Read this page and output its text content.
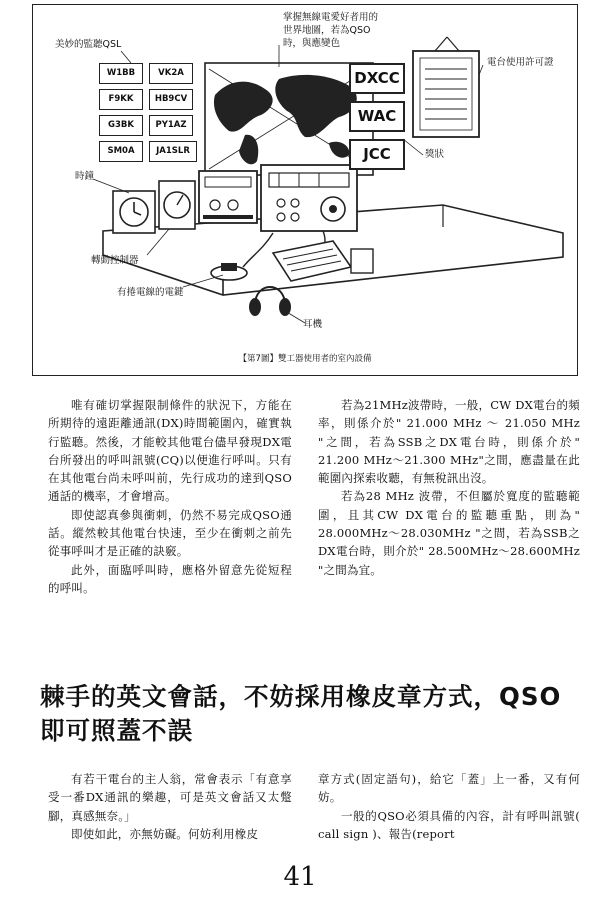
美妙的監聽QSL
掌握無線電愛好者用的
世界地圖，若為QSO
時，與應變色
電台使用許可證
時鐘
轉動控制器
有捲電線的電鍵
獎狀
耳機
W1BB	VK2A
F9KK	HB9CV
G3BK	PY1AZ
SM0A	JA1SLR
DXCC
WAC
JCC
【第7圖】雙工器使用者的室內設備

唯有確切掌握限制條件的狀況下，方能在所期待的遠距離通訊(DX)時間範圍內，確實執行監聽。然後，才能較其他電台儘早發現DX電台所發出的呼叫訊號(CQ)以便進行呼叫。只有在其他電台尚未呼叫前，先行成功的達到QSO通話的機率，才會增高。

即使認真參與衝刺，仍然不易完成QSO通話。縱然較其他電台快速，至少在衝刺之前先從事呼叫才是正確的訣竅。

此外，面臨呼叫時，應格外留意先從短程的呼叫。

若為21MHz波帶時，一般，CW DX電台的頻率，則係介於" 21.000 MHz ～ 21.050 MHz "之間，若為SSB之DX電台時，則係介於" 21.200 MHz～21.300 MHz"之間，應盡量在此範圍內探索收聽，有無稅訊出沒。

若為28 MHz 波帶，不但屬於寬度的監聽範圍，且其CW DX電台的監聽重點，則為" 28.000MHz～28.030MHz "之間，若為SSB之DX電台時，則介於" 28.500MHz～28.600MHz "之間為宜。

棘手的英文會話，不妨採用橡皮章方式，QSO即可照蓋不誤

有若干電台的主人翁，常會表示「有意享受一番DX通訊的樂趣，可是英文會話又太蹩腳，真感無奈。」

即使如此，亦無妨礙。何妨利用橡皮

章方式(固定語句)，給它「蓋」上一番，又有何妨。

一般的QSO必須具備的內容，計有呼叫訊號( call sign )、報告(report

41
